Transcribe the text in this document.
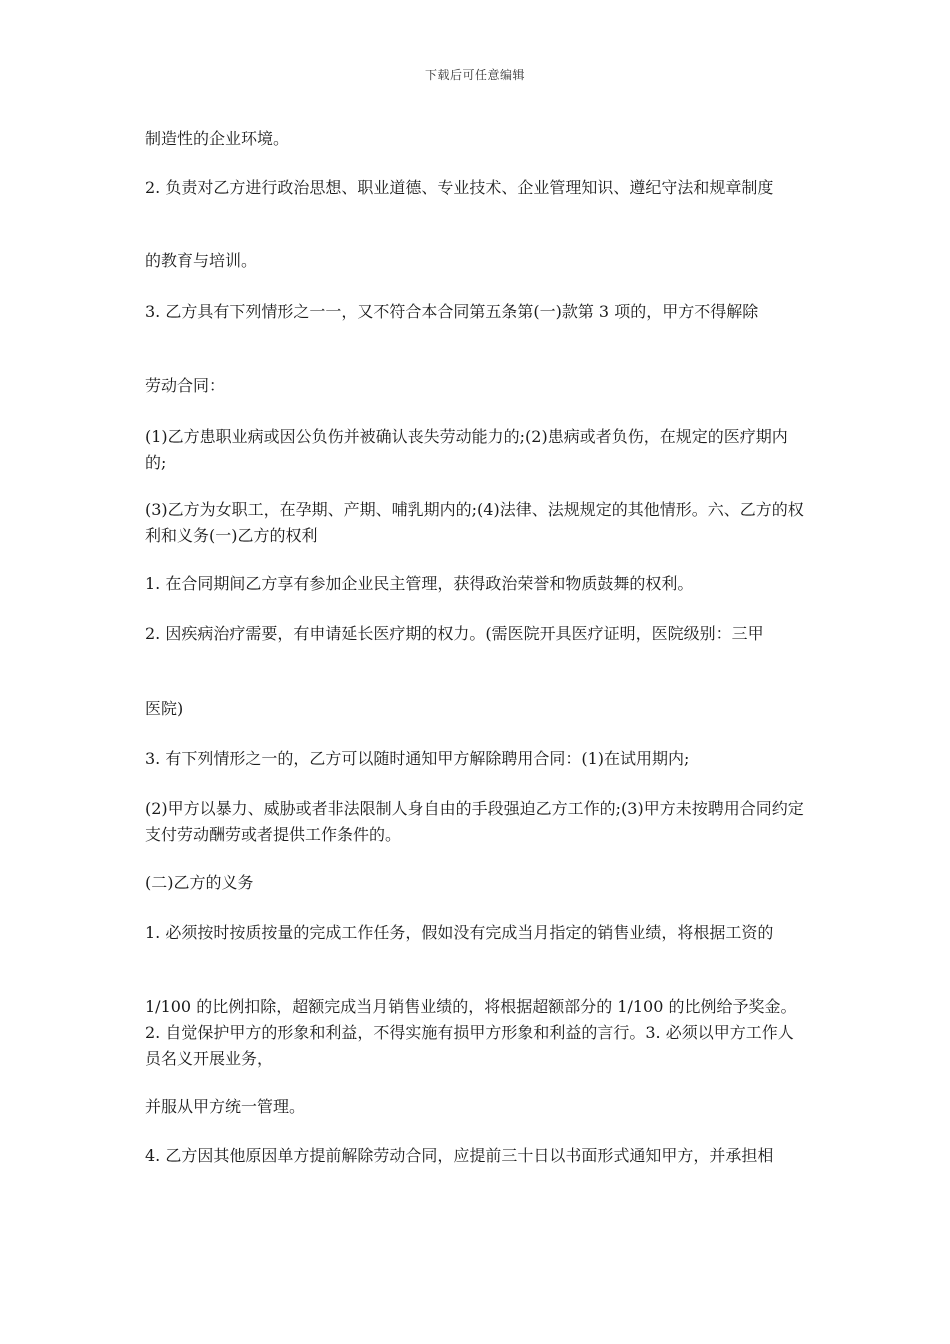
下载后可任意编辑

制造性的企业环境。

2. 负责对乙方进行政治思想、职业道德、专业技术、企业管理知识、遵纪守法和规章制度

的教育与培训。

3. 乙方具有下列情形之一一，又不符合本合同第五条第(一)款第 3 项的，甲方不得解除

劳动合同：

(1)乙方患职业病或因公负伤并被确认丧失劳动能力的;(2)患病或者负伤，在规定的医疗期内的;

(3)乙方为女职工，在孕期、产期、哺乳期内的;(4)法律、法规规定的其他情形。六、乙方的权利和义务(一)乙方的权利

1. 在合同期间乙方享有参加企业民主管理，获得政治荣誉和物质鼓舞的权利。

2. 因疾病治疗需要，有申请延长医疗期的权力。(需医院开具医疗证明，医院级别：三甲

医院)

3. 有下列情形之一的，乙方可以随时通知甲方解除聘用合同：(1)在试用期内;

(2)甲方以暴力、威胁或者非法限制人身自由的手段强迫乙方工作的;(3)甲方未按聘用合同约定支付劳动酬劳或者提供工作条件的。

(二)乙方的义务

1. 必须按时按质按量的完成工作任务，假如没有完成当月指定的销售业绩，将根据工资的

1/100 的比例扣除，超额完成当月销售业绩的，将根据超额部分的 1/100 的比例给予奖金。2. 自觉保护甲方的形象和利益，不得实施有损甲方形象和利益的言行。3. 必须以甲方工作人员名义开展业务，

并服从甲方统一管理。

4. 乙方因其他原因单方提前解除劳动合同，应提前三十日以书面形式通知甲方，并承担相
